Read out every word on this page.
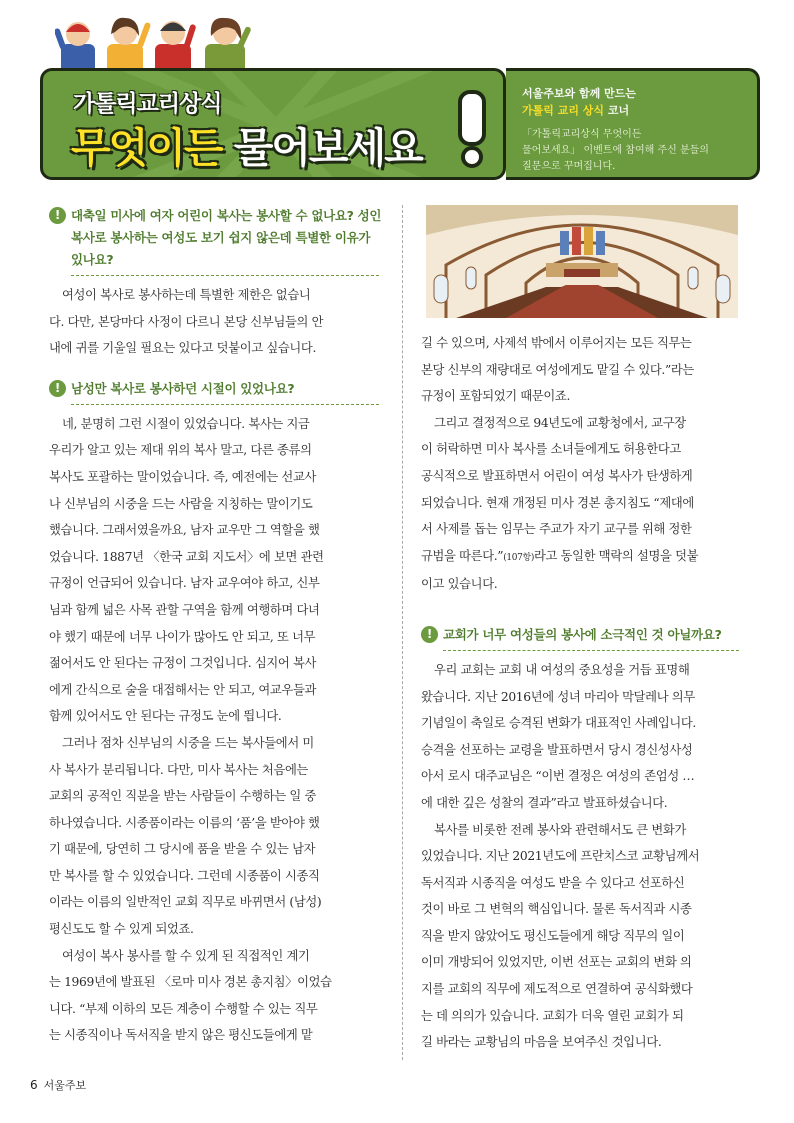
가톨릭교리상식
무엇이든 물어보세요
서울주보와 함께 만드는
가톨릭 교리 상식 코너
「가톨릭교리상식 무엇이든
물어보세요」 이벤트에 참여해 주신 분들의
질문으로 꾸며집니다.
! 대축일 미사에 여자 어린이 복사는 봉사할 수 없나요? 성인
복사로 봉사하는 여성도 보기 쉽지 않은데 특별한 이유가
있나요?
여성이 복사로 봉사하는데 특별한 제한은 없습니
다. 다만, 본당마다 사정이 다르니 본당 신부님들의 안
내에 귀를 기울일 필요는 있다고 덧붙이고 싶습니다.
! 남성만 복사로 봉사하던 시절이 있었나요?
네, 분명히 그런 시절이 있었습니다. 복사는 지금
우리가 알고 있는 제대 위의 복사 말고, 다른 종류의
복사도 포괄하는 말이었습니다. 즉, 예전에는 선교사
나 신부님의 시중을 드는 사람을 지칭하는 말이기도
했습니다. 그래서였을까요, 남자 교우만 그 역할을 했
었습니다. 1887년 〈한국 교회 지도서〉에 보면 관련
규정이 언급되어 있습니다. 남자 교우여야 하고, 신부
님과 함께 넓은 사목 관할 구역을 함께 여행하며 다녀
야 했기 때문에 너무 나이가 많아도 안 되고, 또 너무
젊어서도 안 된다는 규정이 그것입니다. 심지어 복사
에게 간식으로 술을 대접해서는 안 되고, 여교우들과
함께 있어서도 안 된다는 규정도 눈에 띕니다.
그러나 점차 신부님의 시중을 드는 복사들에서 미
사 복사가 분리됩니다. 다만, 미사 복사는 처음에는
교회의 공적인 직분을 받는 사람들이 수행하는 일 중
하나였습니다. 시종품이라는 이름의 ‘품’을 받아야 했
기 때문에, 당연히 그 당시에 품을 받을 수 있는 남자
만 복사를 할 수 있었습니다. 그런데 시종품이 시종직
이라는 이름의 일반적인 교회 직무로 바뀌면서 (남성)
평신도도 할 수 있게 되었죠.
여성이 복사 봉사를 할 수 있게 된 직접적인 계기
는 1969년에 발표된 〈로마 미사 경본 총지침〉이었습
니다. “부제 이하의 모든 계층이 수행할 수 있는 직무
는 시종직이나 독서직을 받지 않은 평신도들에게 맡
길 수 있으며, 사제석 밖에서 이루어지는 모든 직무는
본당 신부의 재량대로 여성에게도 맡길 수 있다.”라는
규정이 포함되었기 때문이죠.
그리고 결정적으로 94년도에 교황청에서, 교구장
이 허락하면 미사 복사를 소녀들에게도 허용한다고
공식적으로 발표하면서 어린이 여성 복사가 탄생하게
되었습니다. 현재 개정된 미사 경본 총지침도 “제대에
서 사제를 돕는 임무는 주교가 자기 교구를 위해 정한
규범을 따른다.”(107항)라고 동일한 맥락의 설명을 덧붙
이고 있습니다.
! 교회가 너무 여성들의 봉사에 소극적인 것 아닐까요?
우리 교회는 교회 내 여성의 중요성을 거듭 표명해
왔습니다. 지난 2016년에 성녀 마리아 막달레나 의무
기념일이 축일로 승격된 변화가 대표적인 사례입니다.
승격을 선포하는 교령을 발표하면서 당시 경신성사성
아서 로시 대주교님은 “이번 결정은 여성의 존엄성 …
에 대한 깊은 성찰의 결과”라고 발표하셨습니다.
복사를 비롯한 전례 봉사와 관련해서도 큰 변화가
있었습니다. 지난 2021년도에 프란치스코 교황님께서
독서직과 시종직을 여성도 받을 수 있다고 선포하신
것이 바로 그 변혁의 핵심입니다. 물론 독서직과 시종
직을 받지 않았어도 평신도들에게 해당 직무의 일이
이미 개방되어 있었지만, 이번 선포는 교회의 변화 의
지를 교회의 직무에 제도적으로 연결하여 공식화했다
는 데 의의가 있습니다. 교회가 더욱 열린 교회가 되
길 바라는 교황님의 마음을 보여주신 것입니다.
6 서울주보
